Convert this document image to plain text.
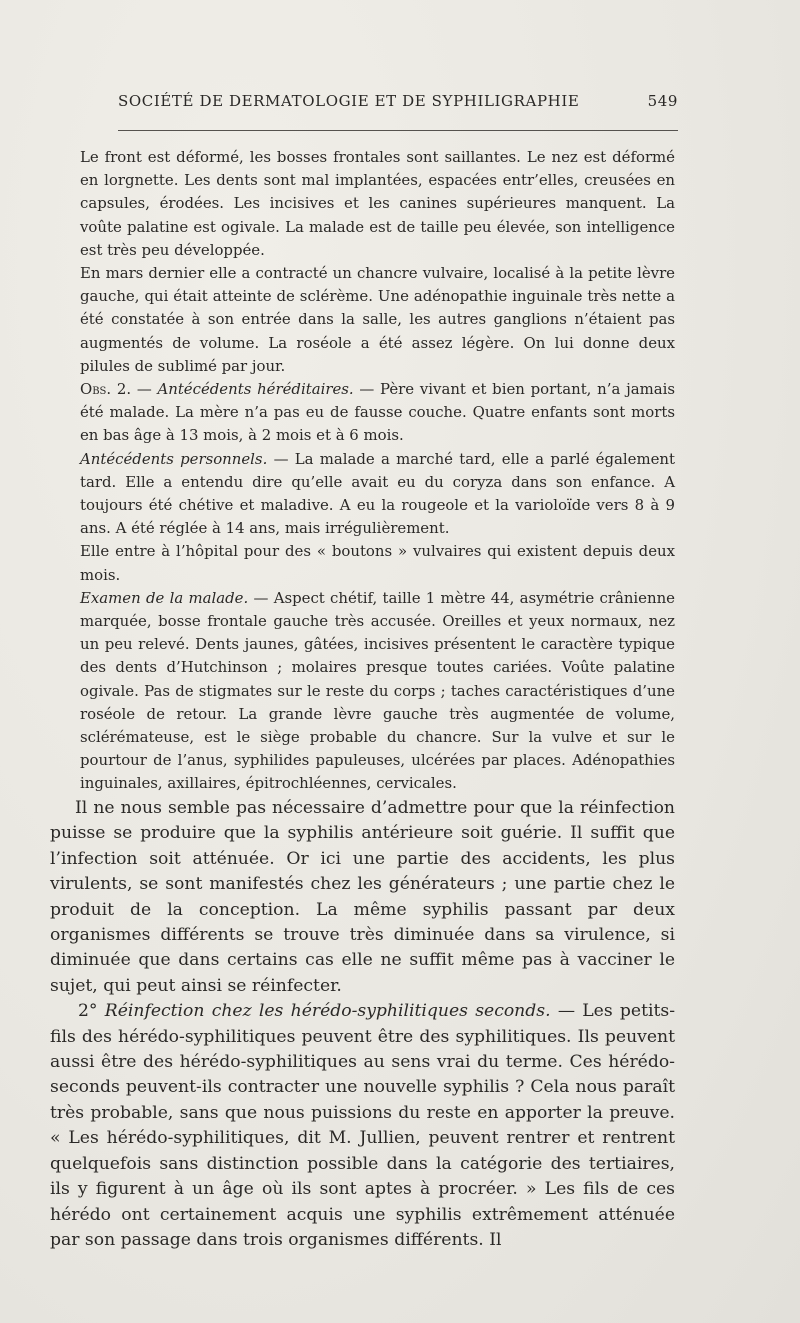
SOCIÉTÉ DE DERMATOLOGIE ET DE SYPHILIGRAPHIE	549

Le front est déformé, les bosses frontales sont saillantes. Le nez est déformé en lorgnette. Les dents sont mal implantées, espacées entr’elles, creusées en capsules, érodées. Les incisives et les canines supérieures manquent. La voûte palatine est ogivale. La malade est de taille peu élevée, son intelligence est très peu développée.

En mars dernier elle a contracté un chancre vulvaire, localisé à la petite lèvre gauche, qui était atteinte de sclérème. Une adénopathie inguinale très nette a été constatée à son entrée dans la salle, les autres ganglions n’étaient pas augmentés de volume. La roséole a été assez légère. On lui donne deux pilules de sublimé par jour.

Obs. 2. — Antécédents héréditaires. — Père vivant et bien portant, n’a jamais été malade. La mère n’a pas eu de fausse couche. Quatre enfants sont morts en bas âge à 13 mois, à 2 mois et à 6 mois.

Antécédents personnels. — La malade a marché tard, elle a parlé également tard. Elle a entendu dire qu’elle avait eu du coryza dans son enfance. A toujours été chétive et maladive. A eu la rougeole et la varioloïde vers 8 à 9 ans. A été réglée à 14 ans, mais irrégulièrement.

Elle entre à l’hôpital pour des « boutons » vulvaires qui existent depuis deux mois.

Examen de la malade. — Aspect chétif, taille 1 mètre 44, asymétrie crânienne marquée, bosse frontale gauche très accusée. Oreilles et yeux normaux, nez un peu relevé. Dents jaunes, gâtées, incisives présentent le caractère typique des dents d’Hutchinson ; molaires presque toutes cariées. Voûte palatine ogivale. Pas de stigmates sur le reste du corps ; taches caractéristiques d’une roséole de retour. La grande lèvre gauche très augmentée de volume, sclérémateuse, est le siège probable du chancre. Sur la vulve et sur le pourtour de l’anus, syphilides papuleuses, ulcérées par places. Adénopathies inguinales, axillaires, épitrochléennes, cervicales.

Il ne nous semble pas nécessaire d’admettre pour que la réinfection puisse se produire que la syphilis antérieure soit guérie. Il suffit que l’infection soit atténuée. Or ici une partie des accidents, les plus virulents, se sont manifestés chez les générateurs ; une partie chez le produit de la conception. La même syphilis passant par deux organismes différents se trouve très diminuée dans sa virulence, si diminuée que dans certains cas elle ne suffit même pas à vacciner le sujet, qui peut ainsi se réinfecter.

2° Réinfection chez les hérédo-syphilitiques seconds. — Les petits-fils des hérédo-syphilitiques peuvent être des syphilitiques. Ils peuvent aussi être des hérédo-syphilitiques au sens vrai du terme. Ces hérédo-seconds peuvent-ils contracter une nouvelle syphilis ? Cela nous paraît très probable, sans que nous puissions du reste en apporter la preuve. « Les hérédo-syphilitiques, dit M. Jullien, peuvent rentrer et rentrent quelquefois sans distinction possible dans la catégorie des tertiaires, ils y figurent à un âge où ils sont aptes à procréer. » Les fils de ces hérédo ont certainement acquis une syphilis extrêmement atténuée par son passage dans trois organismes différents. Il
